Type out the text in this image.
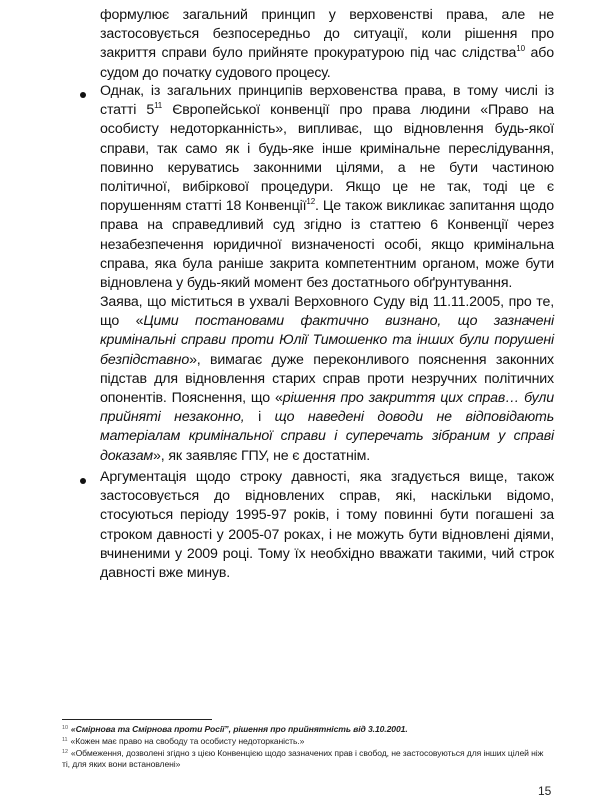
формулює загальний принцип у верховенстві права, але не застосовується безпосередньо до ситуації, коли рішення про закриття справи було прийняте прокуратурою під час слідства$^{10}$ або судом до початку судового процесу.
Однак, із загальних принципів верховенства права, в тому числі із статті $5^{11}$ Європейської конвенції про права людини «Право на особисту недоторканність», випливає, що відновлення будь-якої справи, так само як і будь-яке інше кримінальне переслідування, повинно керуватись законними цілями, а не бути частиною політичної, вибіркової процедури. Якщо це не так, тоді це є порушенням статті 18 Конвенції$^{12}$. Це також викликає запитання щодо права на справедливий суд згідно із статтею 6 Конвенції через незабезпечення юридичної визначеності особі, якщо кримінальна справа, яка була раніше закрита компетентним органом, може бути відновлена у будь-який момент без достатнього обґрунтування.
Заява, що міститься в ухвалі Верховного Суду від 11.11.2005, про те, що «Цими постановами фактично визнано, що зазначені кримінальні справи проти Юлії Тимошенко та інших були порушені безпідставно», вимагає дуже переконливого пояснення законних підстав для відновлення старих справ проти незручних політичних опонентів. Пояснення, що «рішення про закриття цих справ… були прийняті незаконно, і що наведені доводи не відповідають матеріалам кримінальної справи і суперечать зібраним у справі доказам», як заявляє ГПУ, не є достатнім.
Аргументація щодо строку давності, яка згадується вище, також застосовується до відновлених справ, які, наскільки відомо, стосуються періоду 1995-97 років, і тому повинні бути погашені за строком давності у 2005-07 роках, і не можуть бути відновлені діями, вчиненими у 2009 році. Тому їх необхідно вважати такими, чий строк давності вже минув.
$^{10}$ «Смірнова та Смірнова проти Росії”, рішення про прийнятність від 3.10.2001.
$^{11}$ «Кожен має право на свободу та особисту недоторканість.»
$^{12}$ «Обмеження, дозволені згідно з цією Конвенцією щодо зазначених прав і свобод, не застосовуються для інших цілей ніж ті, для яких вони встановлені»
15
